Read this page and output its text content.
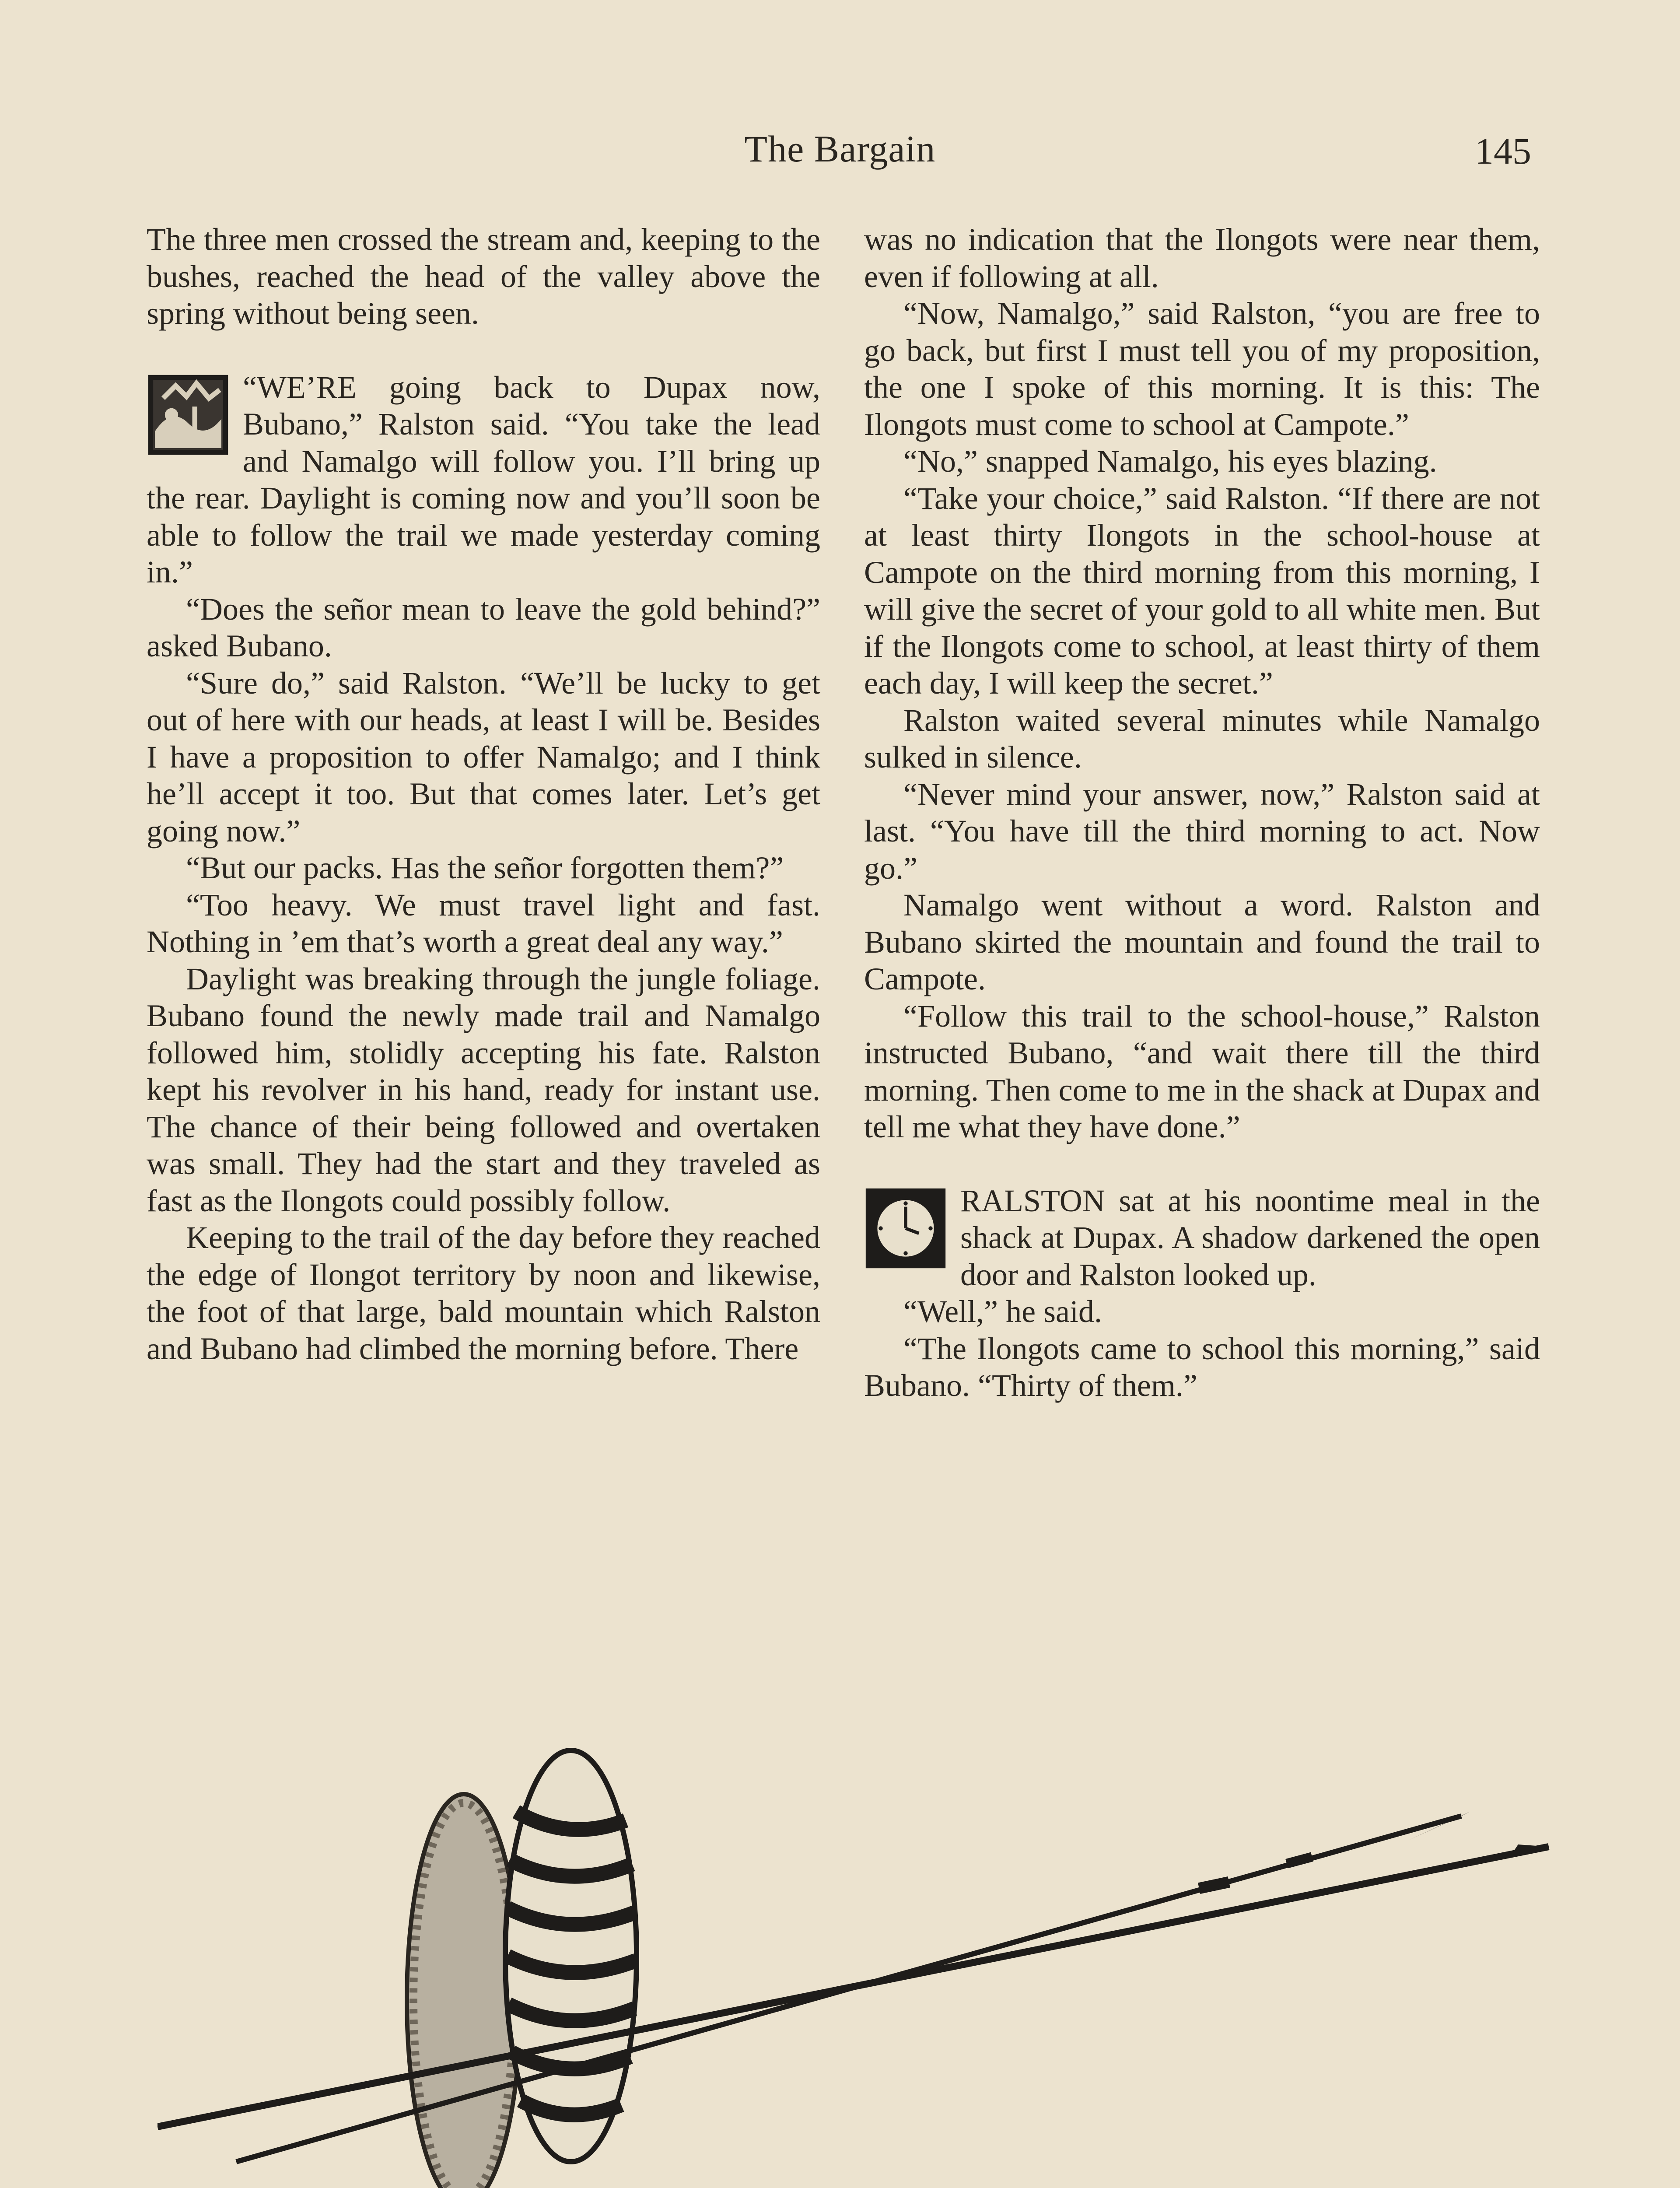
The Bargain	145

The three men crossed the stream and, keeping to the bushes, reached the head of the valley above the spring without being seen.

“WE’RE going back to Dupax now, Bubano,” Ralston said. “You take the lead and Namalgo will follow you. I’ll bring up the rear. Daylight is coming now and you’ll soon be able to follow the trail we made yesterday coming in.”

“Does the señor mean to leave the gold behind?” asked Bubano.

“Sure do,” said Ralston. “We’ll be lucky to get out of here with our heads, at least I will be. Besides I have a proposition to offer Namalgo; and I think he’ll accept it too. But that comes later. Let’s get going now.”

“But our packs. Has the señor forgotten them?”

“Too heavy. We must travel light and fast. Nothing in ’em that’s worth a great deal any way.”

Daylight was breaking through the jungle foliage. Bubano found the newly made trail and Namalgo followed him, stolidly accepting his fate. Ralston kept his revolver in his hand, ready for instant use. The chance of their being followed and overtaken was small. They had the start and they traveled as fast as the Ilongots could possibly follow.

Keeping to the trail of the day before they reached the edge of Ilongot territory by noon and likewise, the foot of that large, bald mountain which Ralston and Bubano had climbed the morning before. There

was no indication that the Ilongots were near them, even if following at all.

“Now, Namalgo,” said Ralston, “you are free to go back, but first I must tell you of my proposition, the one I spoke of this morning. It is this: The Ilongots must come to school at Campote.”

“No,” snapped Namalgo, his eyes blazing.

“Take your choice,” said Ralston. “If there are not at least thirty Ilongots in the school-house at Campote on the third morning from this morning, I will give the secret of your gold to all white men. But if the Ilongots come to school, at least thirty of them each day, I will keep the secret.”

Ralston waited several minutes while Namalgo sulked in silence.

“Never mind your answer, now,” Ralston said at last. “You have till the third morning to act. Now go.”

Namalgo went without a word. Ralston and Bubano skirted the mountain and found the trail to Campote.

“Follow this trail to the school-house,” Ralston instructed Bubano, “and wait there till the third morning. Then come to me in the shack at Dupax and tell me what they have done.”

RALSTON sat at his noontime meal in the shack at Dupax. A shadow darkened the open door and Ralston looked up.

“Well,” he said.

“The Ilongots came to school this morning,” said Bubano. “Thirty of them.”
